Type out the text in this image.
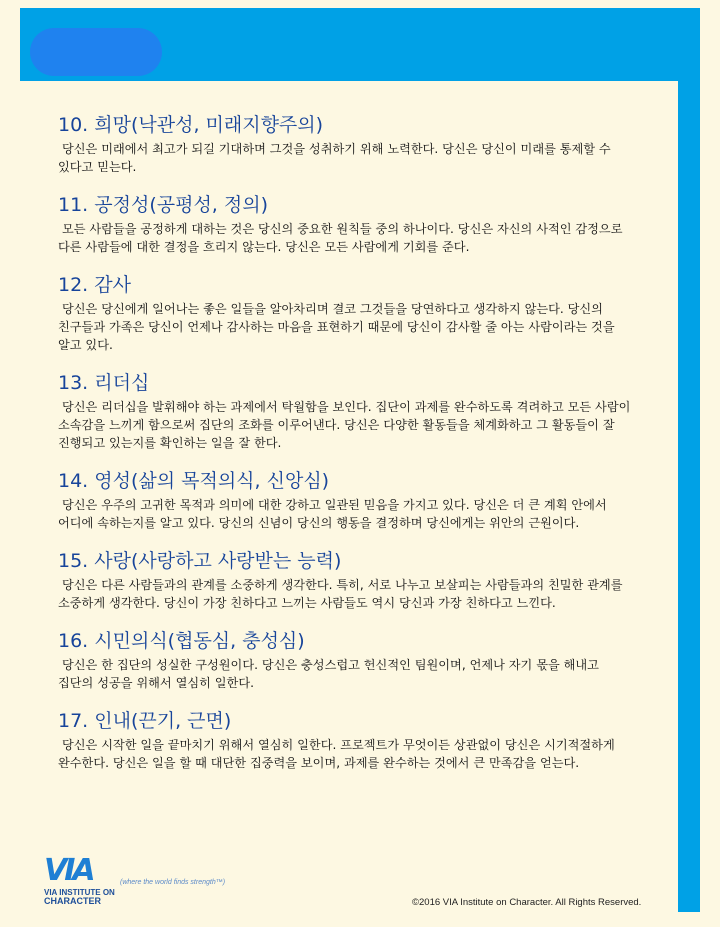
10. 희망(낙관성, 미래지향주의)

당신은 미래에서 최고가 되길 기대하며 그것을 성취하기 위해 노력한다. 당신은 당신이 미래를 통제할 수 있다고 믿는다.

11. 공정성(공평성, 정의)

모든 사람들을 공정하게 대하는 것은 당신의 중요한 원칙들 중의 하나이다. 당신은 자신의 사적인 감정으로 다른 사람들에 대한 결정을 흐리지 않는다. 당신은 모든 사람에게 기회를 준다.

12. 감사

당신은 당신에게 일어나는 좋은 일들을 알아차리며 결코 그것들을 당연하다고 생각하지 않는다. 당신의 친구들과 가족은 당신이 언제나 감사하는 마음을 표현하기 때문에 당신이 감사할 줄 아는 사람이라는 것을 알고 있다.

13. 리더십

당신은 리더십을 발휘해야 하는 과제에서 탁월함을 보인다. 집단이 과제를 완수하도록 격려하고 모든 사람이 소속감을 느끼게 함으로써 집단의 조화를 이루어낸다. 당신은 다양한 활동들을 체계화하고 그 활동들이 잘 진행되고 있는지를 확인하는 일을 잘 한다.

14. 영성(삶의 목적의식, 신앙심)

당신은 우주의 고귀한 목적과 의미에 대한 강하고 일관된 믿음을 가지고 있다. 당신은 더 큰 계획 안에서 어디에 속하는지를 알고 있다. 당신의 신념이 당신의 행동을 결정하며 당신에게는 위안의 근원이다.

15. 사랑(사랑하고 사랑받는 능력)

당신은 다른 사람들과의 관계를 소중하게 생각한다. 특히, 서로 나누고 보살피는 사람들과의 친밀한 관계를 소중하게 생각한다. 당신이 가장 친하다고 느끼는 사람들도 역시 당신과 가장 친하다고 느낀다.

16. 시민의식(협동심, 충성심)

당신은 한 집단의 성실한 구성원이다. 당신은 충성스럽고 헌신적인 팀원이며, 언제나 자기 몫을 해내고 집단의 성공을 위해서 열심히 일한다.

17. 인내(끈기, 근면)

당신은 시작한 일을 끝마치기 위해서 열심히 일한다. 프로젝트가 무엇이든 상관없이 당신은 시기적절하게 완수한다. 당신은 일을 할 때 대단한 집중력을 보이며, 과제를 완수하는 것에서 큰 만족감을 얻는다.

VIA	(where the world finds strength™)
VIA INSTITUTE ON
CHARACTER	©2016 VIA Institute on Character. All Rights Reserved.
